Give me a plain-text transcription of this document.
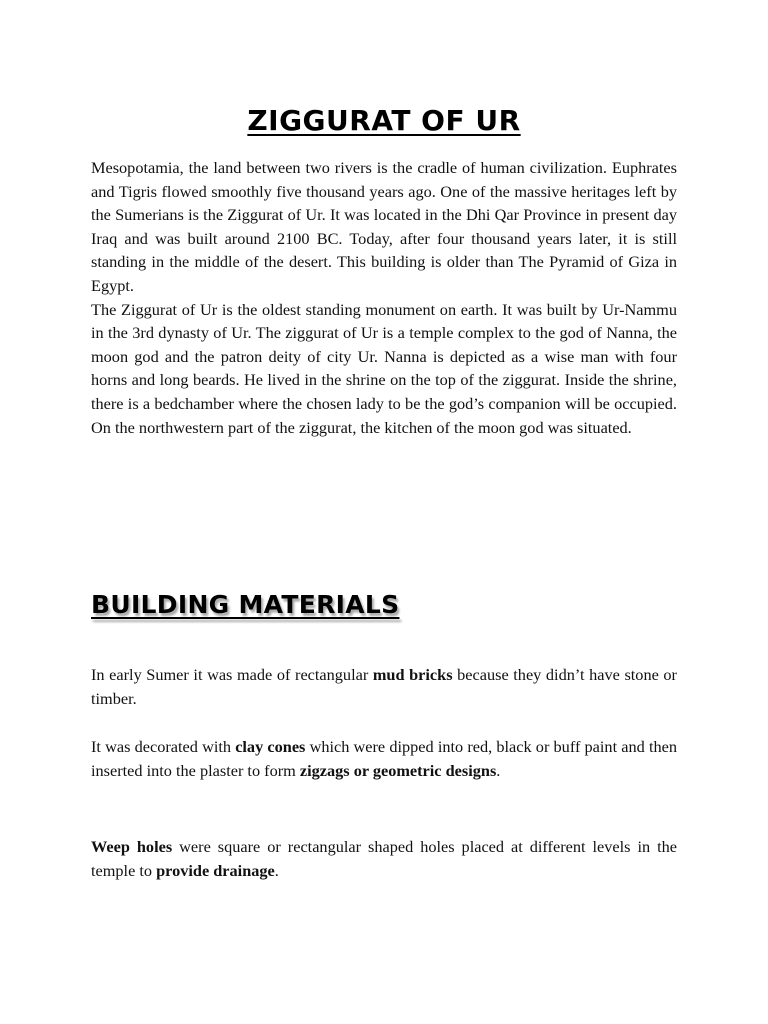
ZIGGURAT OF UR
Mesopotamia, the land between two rivers is the cradle of human civilization. Euphrates and Tigris flowed smoothly five thousand years ago. One of the massive heritages left by the Sumerians is the Ziggurat of Ur. It was located in the Dhi Qar Province in present day Iraq and was built around 2100 BC. Today, after four thousand years later, it is still standing in the middle of the desert. This building is older than The Pyramid of Giza in Egypt.
The Ziggurat of Ur is the oldest standing monument on earth. It was built by Ur-Nammu in the 3rd dynasty of Ur. The ziggurat of Ur is a temple complex to the god of Nanna, the moon god and the patron deity of city Ur. Nanna is depicted as a wise man with four horns and long beards. He lived in the shrine on the top of the ziggurat. Inside the shrine, there is a bedchamber where the chosen lady to be the god’s companion will be occupied. On the northwestern part of the ziggurat, the kitchen of the moon god was situated.
BUILDING MATERIALS

In early Sumer it was made of rectangular mud bricks because they didn’t have stone or timber.

It was decorated with clay cones which were dipped into red, black or buff paint and then inserted into the plaster to form zigzags or geometric designs.

Weep holes were square or rectangular shaped holes placed at different levels in the temple to provide drainage.
